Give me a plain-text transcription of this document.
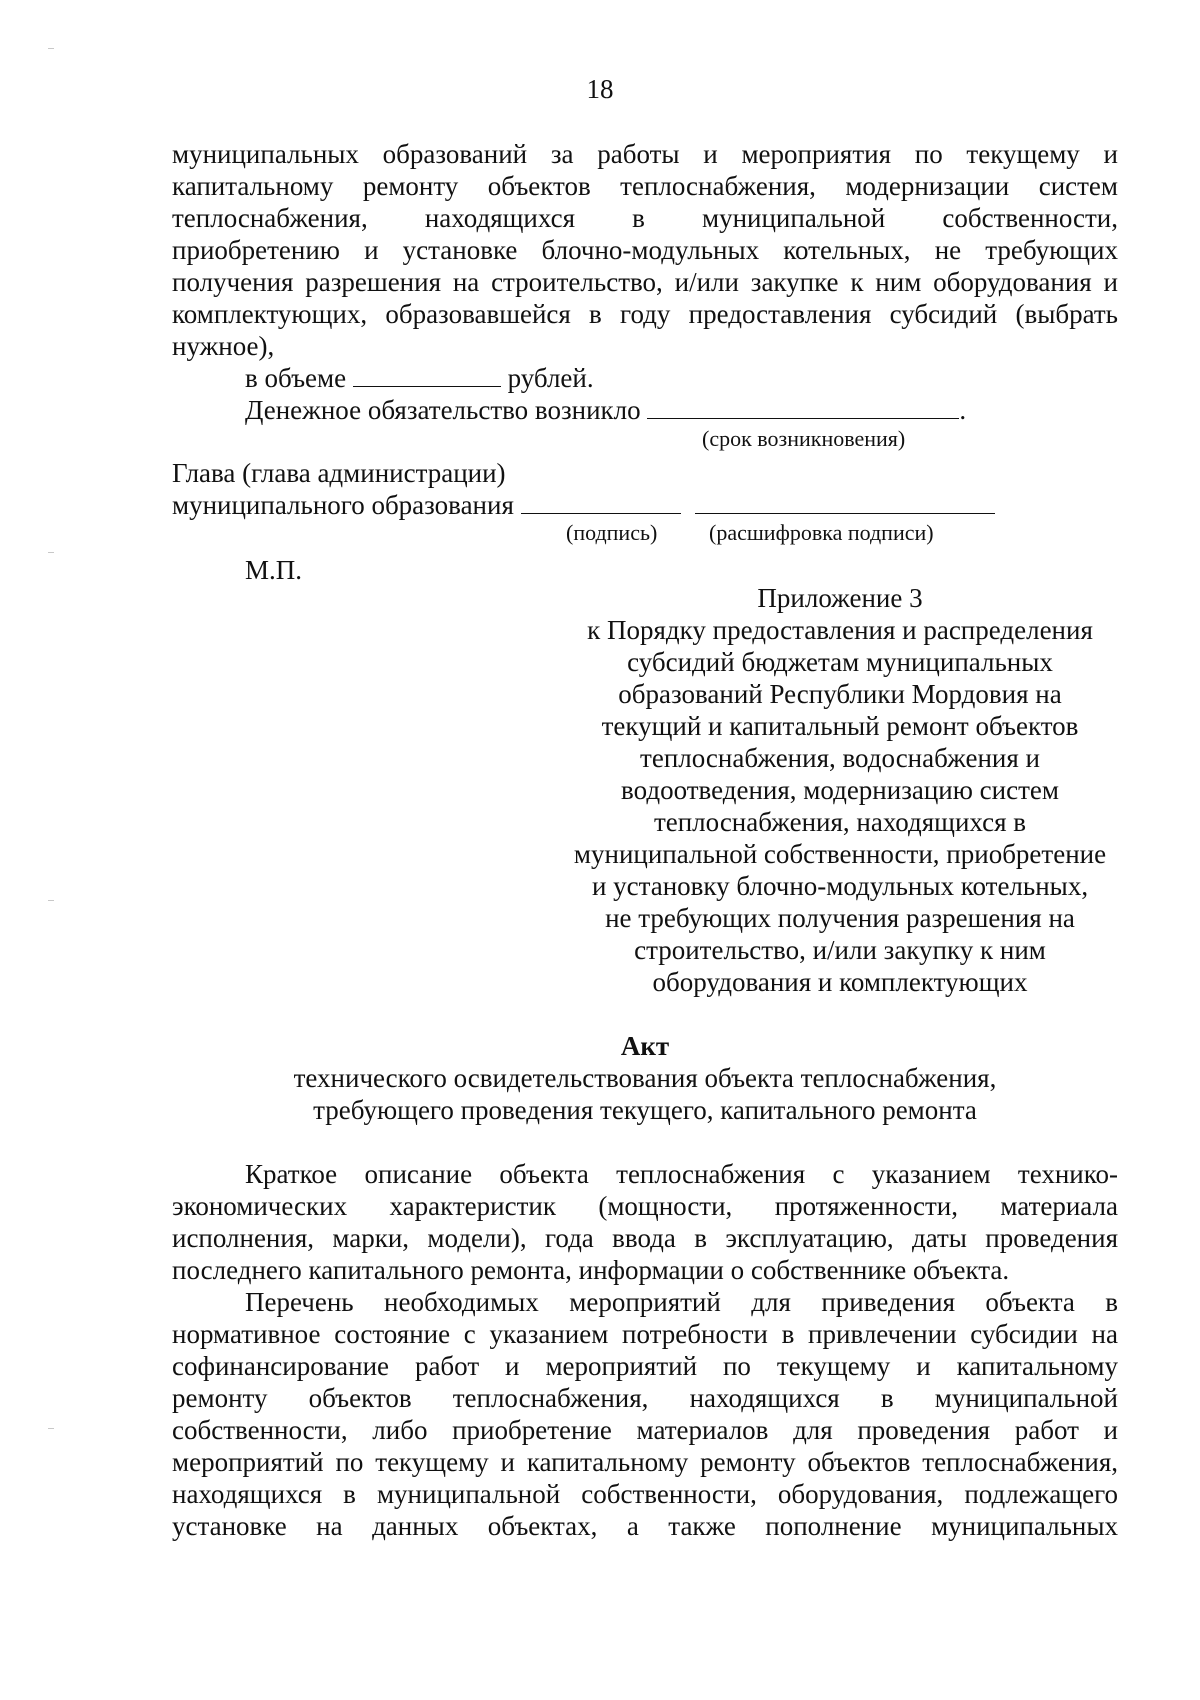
18
муниципальных образований за работы и мероприятия по текущему и
капитальному ремонту объектов теплоснабжения, модернизации систем
теплоснабжения, находящихся в муниципальной собственности,
приобретению и установке блочно-модульных котельных, не требующих
получения разрешения на строительство, и/или закупке к ним оборудования и
комплектующих, образовавшейся в году предоставления субсидий (выбрать
нужное),
в объеме	рублей.
Денежное обязательство возникло	.
(срок возникновения)
Глава (глава администрации)
муниципального образования
(подпись) (расшифровка подписи)
М.П.
Приложение 3
к Порядку предоставления и распределения
субсидий бюджетам муниципальных
образований Республики Мордовия на
текущий и капитальный ремонт объектов
теплоснабжения, водоснабжения и
водоотведения, модернизацию систем
теплоснабжения, находящихся в
муниципальной собственности, приобретение
и установку блочно-модульных котельных,
не требующих получения разрешения на
строительство, и/или закупку к ним
оборудования и комплектующих
Акт
технического освидетельствования объекта теплоснабжения,
требующего проведения текущего, капитального ремонта
Краткое описание объекта теплоснабжения с указанием технико-
экономических характеристик (мощности, протяженности, материала
исполнения, марки, модели), года ввода в эксплуатацию, даты проведения
последнего капитального ремонта, информации о собственнике объекта.
Перечень необходимых мероприятий для приведения объекта в
нормативное состояние с указанием потребности в привлечении субсидии на
софинансирование работ и мероприятий по текущему и капитальному
ремонту объектов теплоснабжения, находящихся в муниципальной
собственности, либо приобретение материалов для проведения работ и
мероприятий по текущему и капитальному ремонту объектов теплоснабжения,
находящихся в муниципальной собственности, оборудования, подлежащего
установке на данных объектах, а также пополнение муниципальных
